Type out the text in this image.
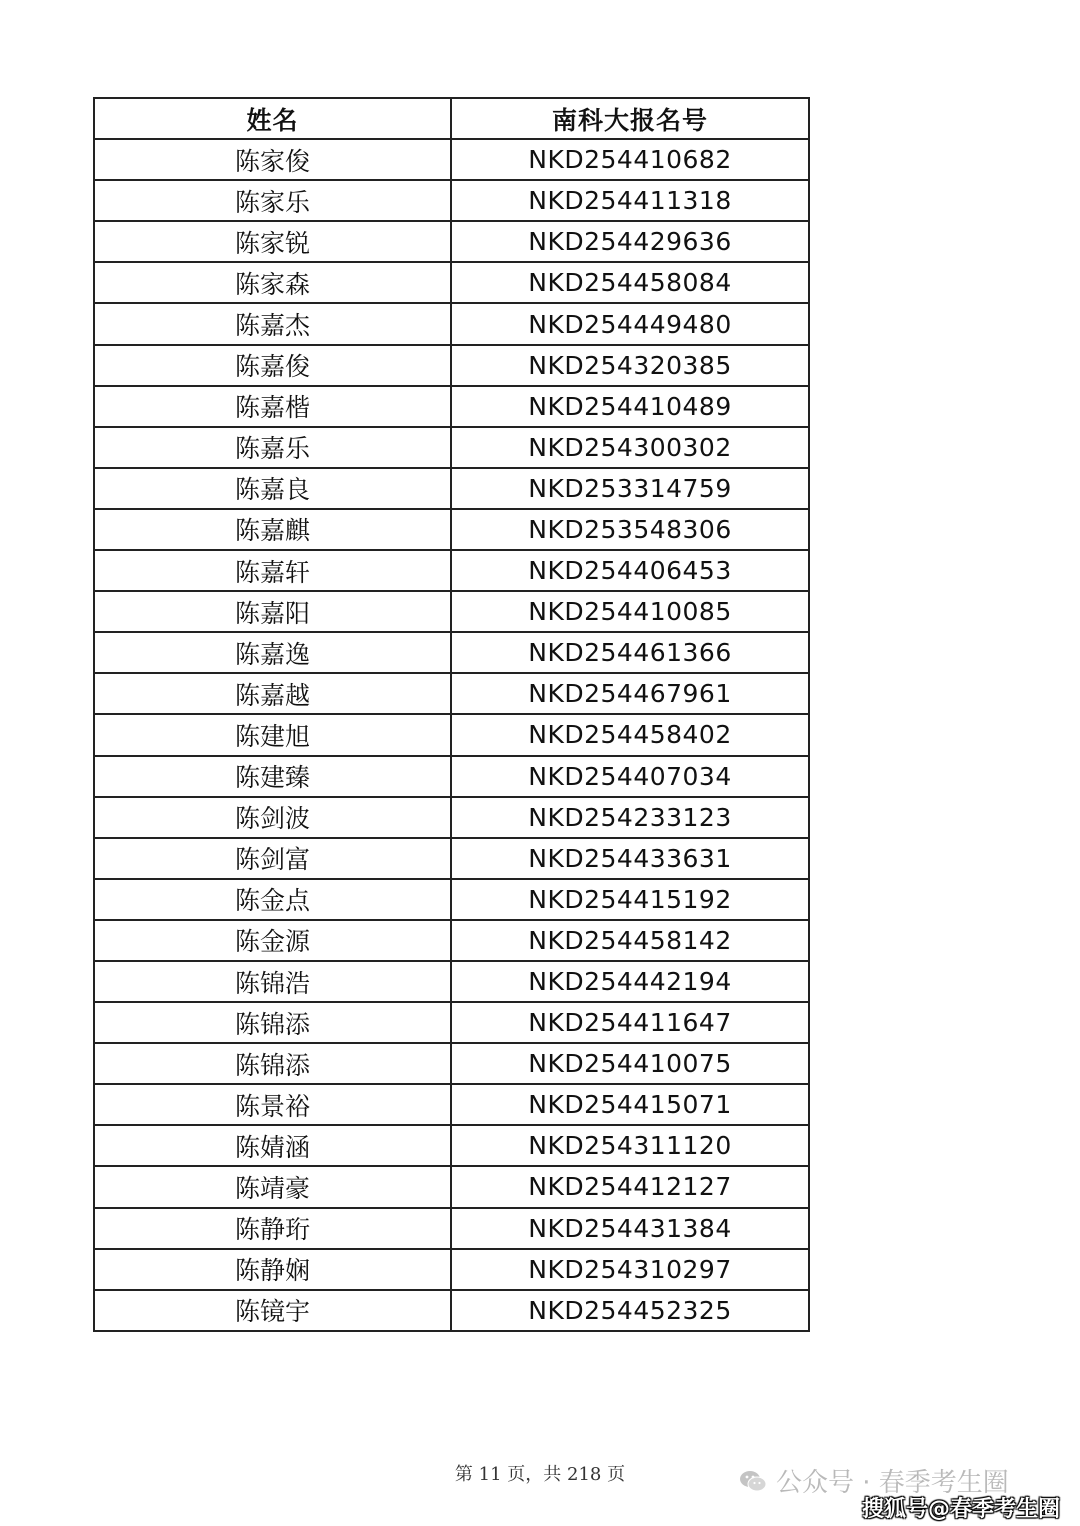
姓名	南科大报名号
陈家俊	NKD254410682
陈家乐	NKD254411318
陈家锐	NKD254429636
陈家森	NKD254458084
陈嘉杰	NKD254449480
陈嘉俊	NKD254320385
陈嘉楷	NKD254410489
陈嘉乐	NKD254300302
陈嘉良	NKD253314759
陈嘉麒	NKD253548306
陈嘉轩	NKD254406453
陈嘉阳	NKD254410085
陈嘉逸	NKD254461366
陈嘉越	NKD254467961
陈建旭	NKD254458402
陈建臻	NKD254407034
陈剑波	NKD254233123
陈剑富	NKD254433631
陈金点	NKD254415192
陈金源	NKD254458142
陈锦浩	NKD254442194
陈锦添	NKD254411647
陈锦添	NKD254410075
陈景裕	NKD254415071
陈婧涵	NKD254311120
陈靖豪	NKD254412127
陈静珩	NKD254431384
陈静娴	NKD254310297
陈镜宇	NKD254452325
第 11 页，共 218 页	公众号 · 春季考生圈
搜狐号@春季考生圈
